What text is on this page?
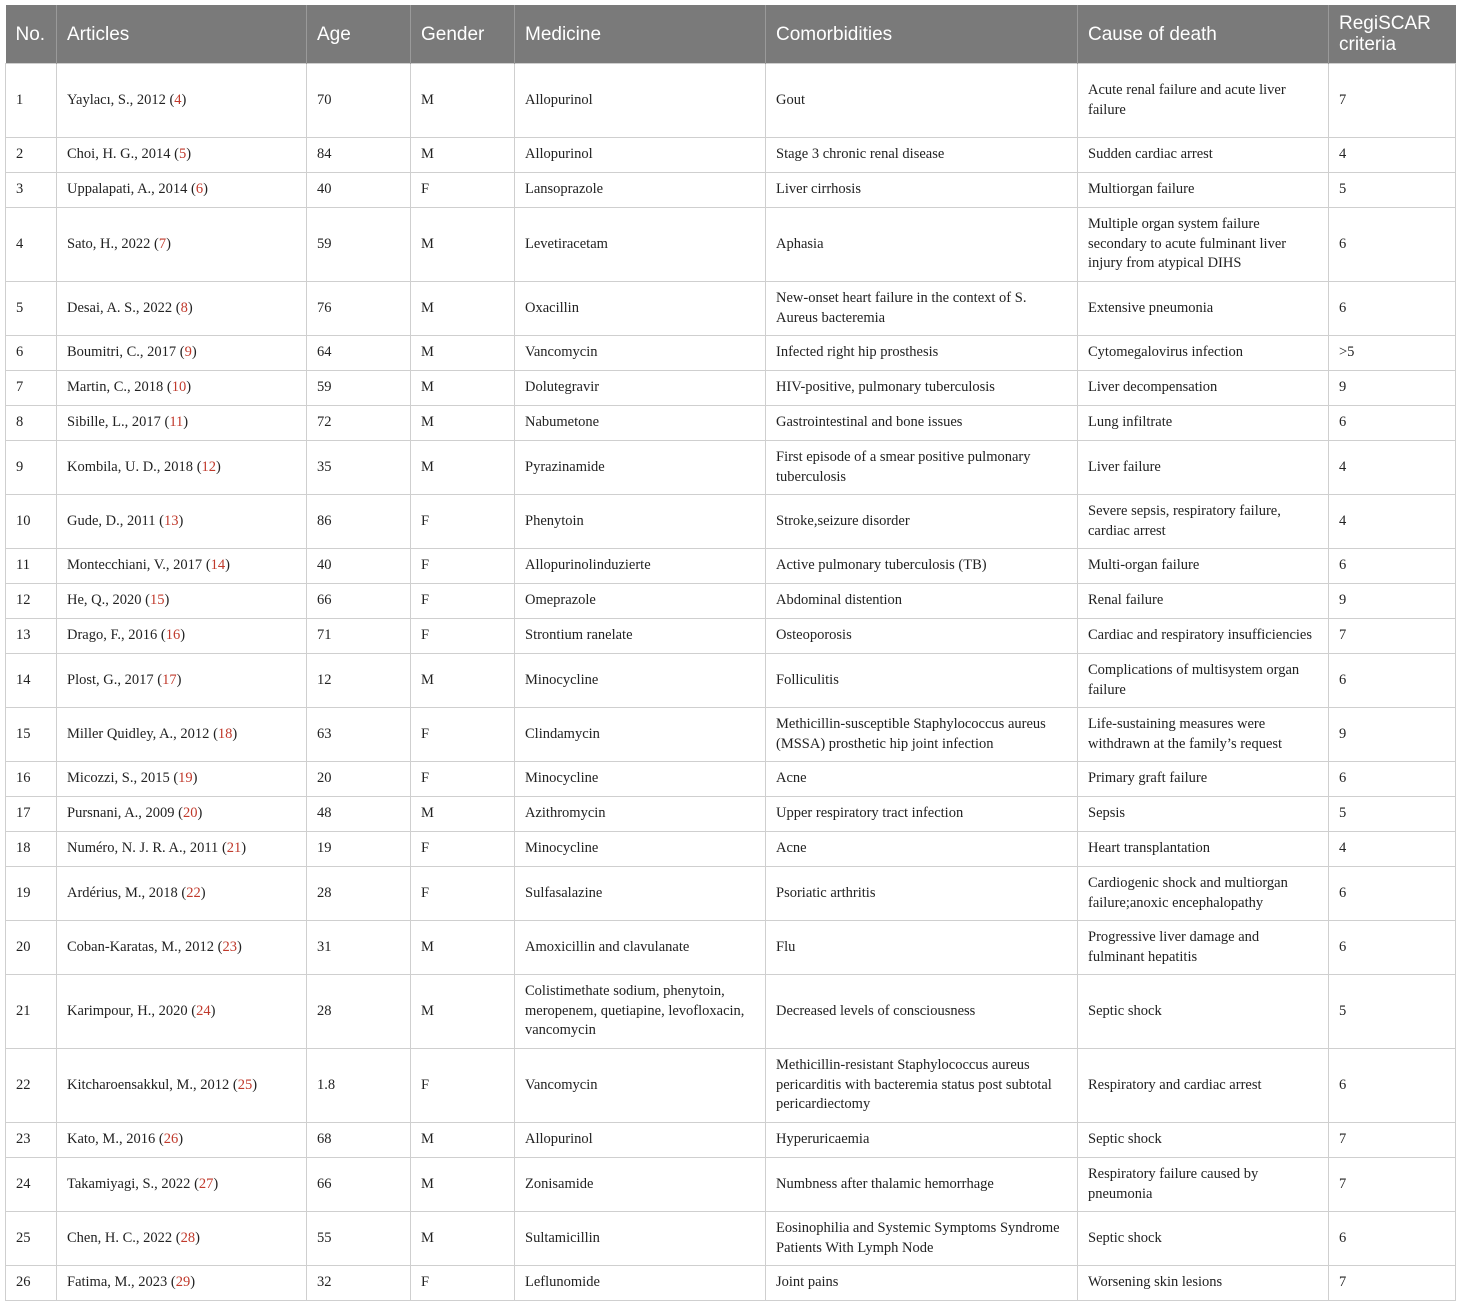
No.	Articles	Age	Gender	Medicine	Comorbidities	Cause of death	RegiSCAR criteria
1	Yaylacı, S., 2012 (4)	70	M	Allopurinol	Gout	Acute renal failure and acute liver failure	7
2	Choi, H. G., 2014 (5)	84	M	Allopurinol	Stage 3 chronic renal disease	Sudden cardiac arrest	4
3	Uppalapati, A., 2014 (6)	40	F	Lansoprazole	Liver cirrhosis	Multiorgan failure	5
4	Sato, H., 2022 (7)	59	M	Levetiracetam	Aphasia	Multiple organ system failure secondary to acute fulminant liver injury from atypical DIHS	6
5	Desai, A. S., 2022 (8)	76	M	Oxacillin	New-onset heart failure in the context of S. Aureus bacteremia	Extensive pneumonia	6
6	Boumitri, C., 2017 (9)	64	M	Vancomycin	Infected right hip prosthesis	Cytomegalovirus infection	>5
7	Martin, C., 2018 (10)	59	M	Dolutegravir	HIV-positive, pulmonary tuberculosis	Liver decompensation	9
8	Sibille, L., 2017 (11)	72	M	Nabumetone	Gastrointestinal and bone issues	Lung infiltrate	6
9	Kombila, U. D., 2018 (12)	35	M	Pyrazinamide	First episode of a smear positive pulmonary tuberculosis	Liver failure	4
10	Gude, D., 2011 (13)	86	F	Phenytoin	Stroke,seizure disorder	Severe sepsis, respiratory failure, cardiac arrest	4
11	Montecchiani, V., 2017 (14)	40	F	Allopurinolinduzierte	Active pulmonary tuberculosis (TB)	Multi-organ failure	6
12	He, Q., 2020 (15)	66	F	Omeprazole	Abdominal distention	Renal failure	9
13	Drago, F., 2016 (16)	71	F	Strontium ranelate	Osteoporosis	Cardiac and respiratory insufficiencies	7
14	Plost, G., 2017 (17)	12	M	Minocycline	Folliculitis	Complications of multisystem organ failure	6
15	Miller Quidley, A., 2012 (18)	63	F	Clindamycin	Methicillin-susceptible Staphylococcus aureus (MSSA) prosthetic hip joint infection	Life-sustaining measures were withdrawn at the family’s request	9
16	Micozzi, S., 2015 (19)	20	F	Minocycline	Acne	Primary graft failure	6
17	Pursnani, A., 2009 (20)	48	M	Azithromycin	Upper respiratory tract infection	Sepsis	5
18	Numéro, N. J. R. A., 2011 (21)	19	F	Minocycline	Acne	Heart transplantation	4
19	Ardérius, M., 2018 (22)	28	F	Sulfasalazine	Psoriatic arthritis	Cardiogenic shock and multiorgan failure;anoxic encephalopathy	6
20	Coban-Karatas, M., 2012 (23)	31	M	Amoxicillin and clavulanate	Flu	Progressive liver damage and fulminant hepatitis	6
21	Karimpour, H., 2020 (24)	28	M	Colistimethate sodium, phenytoin, meropenem, quetiapine, levofloxacin, vancomycin	Decreased levels of consciousness	Septic shock	5
22	Kitcharoensakkul, M., 2012 (25)	1.8	F	Vancomycin	Methicillin-resistant Staphylococcus aureus pericarditis with bacteremia status post subtotal pericardiectomy	Respiratory and cardiac arrest	6
23	Kato, M., 2016 (26)	68	M	Allopurinol	Hyperuricaemia	Septic shock	7
24	Takamiyagi, S., 2022 (27)	66	M	Zonisamide	Numbness after thalamic hemorrhage	Respiratory failure caused by pneumonia	7
25	Chen, H. C., 2022 (28)	55	M	Sultamicillin	Eosinophilia and Systemic Symptoms Syndrome Patients With Lymph Node	Septic shock	6
26	Fatima, M., 2023 (29)	32	F	Leflunomide	Joint pains	Worsening skin lesions	7
